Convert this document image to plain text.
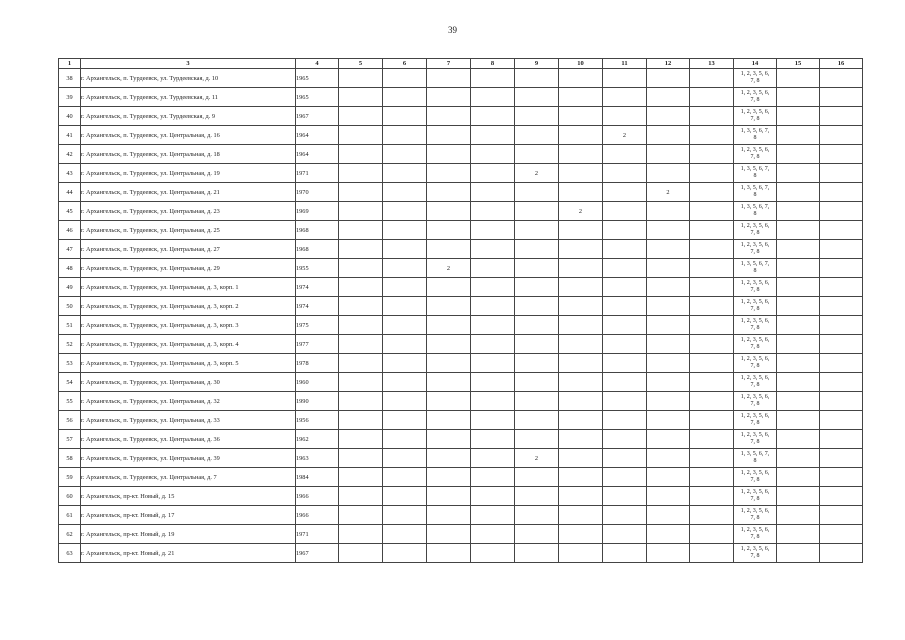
39
1	3	4	5	6	7	8	9	10	11	12	13	14	15	16
38	г. Архангельск, п. Турдеевск, ул. Турдеевская, д. 10	1965										1, 2, 3, 5, 6,
7, 8		
39	г. Архангельск, п. Турдеевск, ул. Турдеевская, д. 11	1965										1, 2, 3, 5, 6,
7, 8		
40	г. Архангельск, п. Турдеевск, ул. Турдеевская, д. 9	1967										1, 2, 3, 5, 6,
7, 8		
41	г. Архангельск, п. Турдеевск, ул. Центральная, д. 16	1964							2			1, 3, 5, 6, 7,
8		
42	г. Архангельск, п. Турдеевск, ул. Центральная, д. 18	1964										1, 2, 3, 5, 6,
7, 8		
43	г. Архангельск, п. Турдеевск, ул. Центральная, д. 19	1971					2					1, 3, 5, 6, 7,
8		
44	г. Архангельск, п. Турдеевск, ул. Центральная, д. 21	1970								2		1, 3, 5, 6, 7,
8		
45	г. Архангельск, п. Турдеевск, ул. Центральная, д. 23	1969						2				1, 3, 5, 6, 7,
8		
46	г. Архангельск, п. Турдеевск, ул. Центральная, д. 25	1968										1, 2, 3, 5, 6,
7, 8		
47	г. Архангельск, п. Турдеевск, ул. Центральная, д. 27	1968										1, 2, 3, 5, 6,
7, 8		
48	г. Архангельск, п. Турдеевск, ул. Центральная, д. 29	1955			2							1, 3, 5, 6, 7,
8		
49	г. Архангельск, п. Турдеевск, ул. Центральная, д. 3, корп. 1	1974										1, 2, 3, 5, 6,
7, 8		
50	г. Архангельск, п. Турдеевск, ул. Центральная, д. 3, корп. 2	1974										1, 2, 3, 5, 6,
7, 8		
51	г. Архангельск, п. Турдеевск, ул. Центральная, д. 3, корп. 3	1975										1, 2, 3, 5, 6,
7, 8		
52	г. Архангельск, п. Турдеевск, ул. Центральная, д. 3, корп. 4	1977										1, 2, 3, 5, 6,
7, 8		
53	г. Архангельск, п. Турдеевск, ул. Центральная, д. 3, корп. 5	1978										1, 2, 3, 5, 6,
7, 8		
54	г. Архангельск, п. Турдеевск, ул. Центральная, д. 30	1960										1, 2, 3, 5, 6,
7, 8		
55	г. Архангельск, п. Турдеевск, ул. Центральная, д. 32	1990										1, 2, 3, 5, 6,
7, 8		
56	г. Архангельск, п. Турдеевск, ул. Центральная, д. 33	1956										1, 2, 3, 5, 6,
7, 8		
57	г. Архангельск, п. Турдеевск, ул. Центральная, д. 36	1962										1, 2, 3, 5, 6,
7, 8		
58	г. Архангельск, п. Турдеевск, ул. Центральная, д. 39	1963					2					1, 3, 5, 6, 7,
8		
59	г. Архангельск, п. Турдеевск, ул. Центральная, д. 7	1984										1, 2, 3, 5, 6,
7, 8		
60	г. Архангельск, пр-кт. Новый, д. 15	1966										1, 2, 3, 5, 6,
7, 8		
61	г. Архангельск, пр-кт. Новый, д. 17	1966										1, 2, 3, 5, 6,
7, 8		
62	г. Архангельск, пр-кт. Новый, д. 19	1971										1, 2, 3, 5, 6,
7, 8		
63	г. Архангельск, пр-кт. Новый, д. 21	1967										1, 2, 3, 5, 6,
7, 8		
